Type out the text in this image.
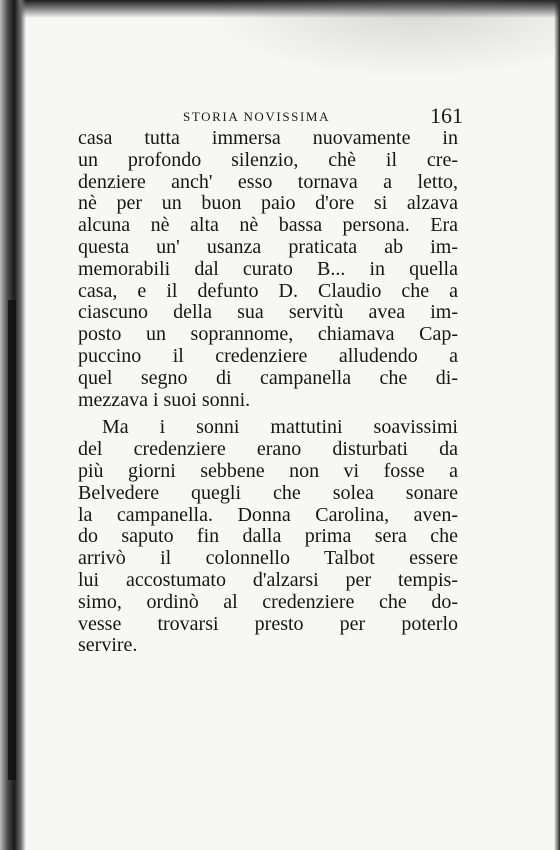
STORIA NOVISSIMA	161
casa tutta immersa nuovamente in
un profondo silenzio, chè il cre-
denziere anch' esso tornava a letto,
nè per un buon paio d'ore si alzava
alcuna nè alta nè bassa persona. Era
questa un' usanza praticata ab im-
memorabili dal curato B... in quella
casa, e il defunto D. Claudio che a
ciascuno della sua servitù avea im-
posto un soprannome, chiamava Cap-
puccino il credenziere alludendo a
quel segno di campanella che di-
mezzava i suoi sonni.
Ma i sonni mattutini soavissimi
del credenziere erano disturbati da
più giorni sebbene non vi fosse a
Belvedere quegli che solea sonare
la campanella. Donna Carolina, aven-
do saputo fin dalla prima sera che
arrivò il colonnello Talbot essere
lui accostumato d'alzarsi per tempis-
simo, ordinò al credenziere che do-
vesse trovarsi presto per poterlo
servire.
